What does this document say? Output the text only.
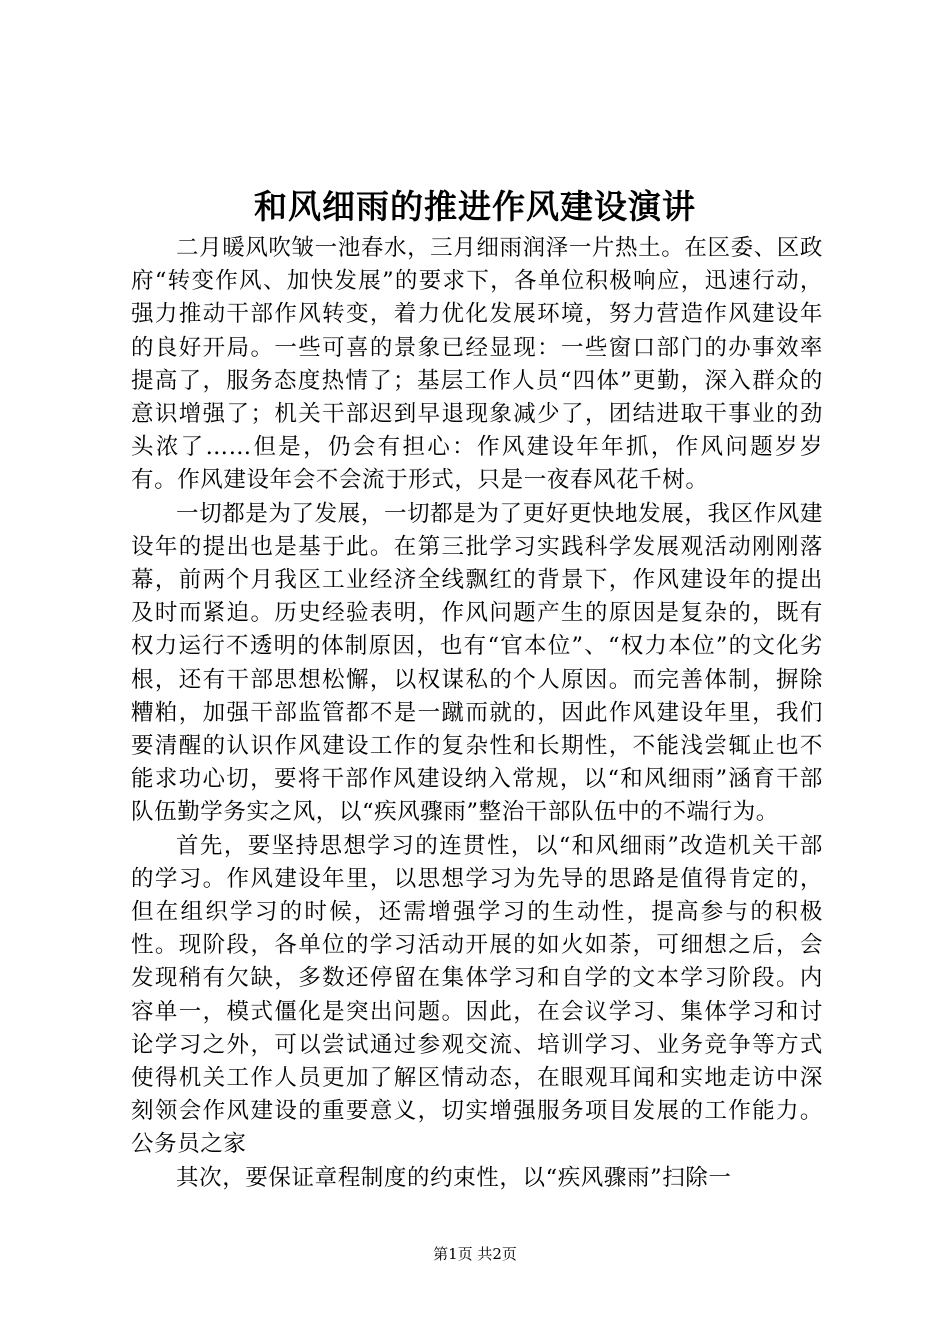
和风细雨的推进作风建设演讲

二月暖风吹皱一池春水，三月细雨润泽一片热土。在区委、区政府“转变作风、加快发展”的要求下，各单位积极响应，迅速行动，强力推动干部作风转变，着力优化发展环境，努力营造作风建设年的良好开局。一些可喜的景象已经显现：一些窗口部门的办事效率提高了，服务态度热情了；基层工作人员“四体”更勤，深入群众的意识增强了；机关干部迟到早退现象减少了，团结进取干事业的劲头浓了……但是，仍会有担心：作风建设年年抓，作风问题岁岁有。作风建设年会不会流于形式，只是一夜春风花千树。

一切都是为了发展，一切都是为了更好更快地发展，我区作风建设年的提出也是基于此。在第三批学习实践科学发展观活动刚刚落幕，前两个月我区工业经济全线飘红的背景下，作风建设年的提出及时而紧迫。历史经验表明，作风问题产生的原因是复杂的，既有权力运行不透明的体制原因，也有“官本位”、“权力本位”的文化劣根，还有干部思想松懈，以权谋私的个人原因。而完善体制，摒除糟粕，加强干部监管都不是一蹴而就的，因此作风建设年里，我们要清醒的认识作风建设工作的复杂性和长期性，不能浅尝辄止也不能求功心切，要将干部作风建设纳入常规，以“和风细雨”涵育干部队伍勤学务实之风，以“疾风骤雨”整治干部队伍中的不端行为。

首先，要坚持思想学习的连贯性，以“和风细雨”改造机关干部的学习。作风建设年里，以思想学习为先导的思路是值得肯定的，但在组织学习的时候，还需增强学习的生动性，提高参与的积极性。现阶段，各单位的学习活动开展的如火如荼，可细想之后，会发现稍有欠缺，多数还停留在集体学习和自学的文本学习阶段。内容单一，模式僵化是突出问题。因此，在会议学习、集体学习和讨论学习之外，可以尝试通过参观交流、培训学习、业务竞争等方式使得机关工作人员更加了解区情动态，在眼观耳闻和实地走访中深刻领会作风建设的重要意义，切实增强服务项目发展的工作能力。公务员之家

其次，要保证章程制度的约束性，以“疾风骤雨”扫除一

第1页 共2页
